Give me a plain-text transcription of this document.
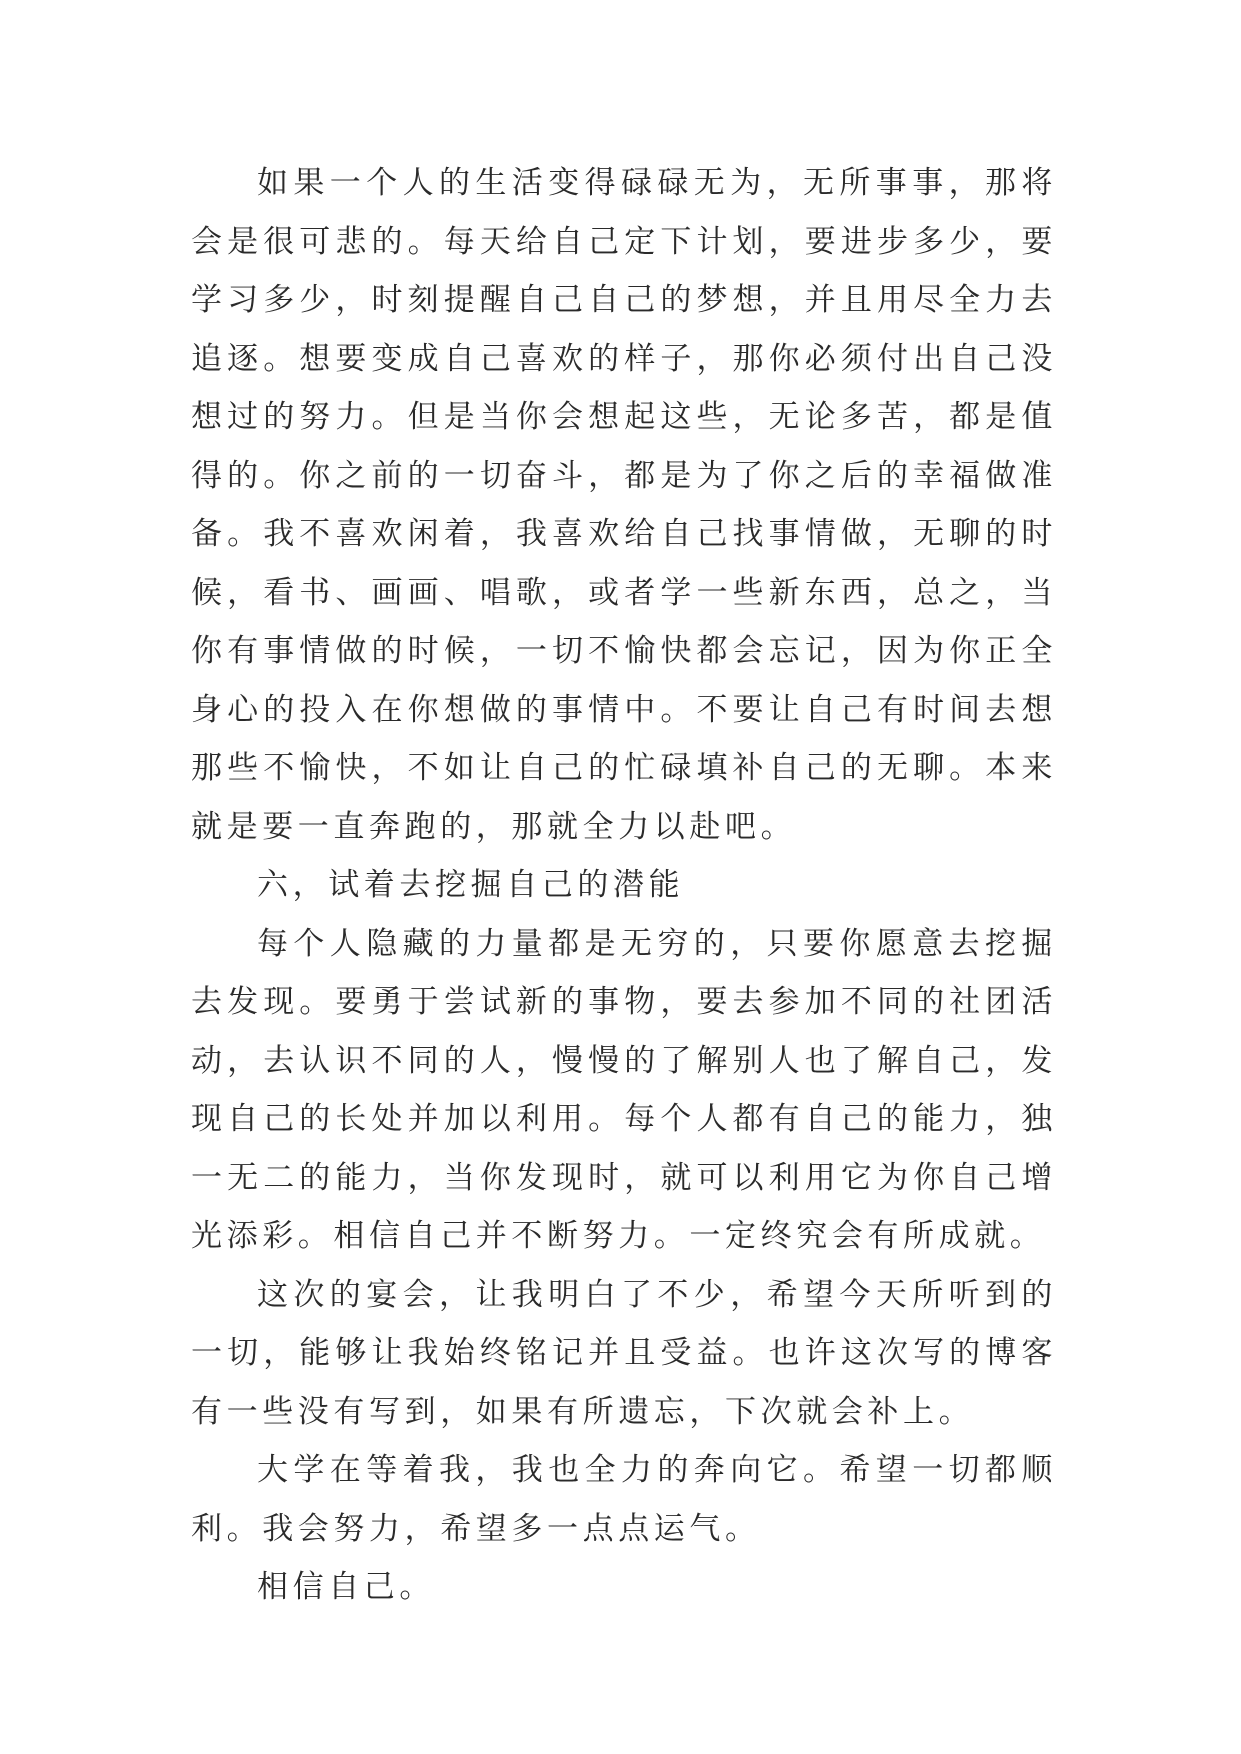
如果一个人的生活变得碌碌无为，无所事事，那将会是很可悲的。每天给自己定下计划，要进步多少，要学习多少，时刻提醒自己自己的梦想，并且用尽全力去追逐。想要变成自己喜欢的样子，那你必须付出自己没想过的努力。但是当你会想起这些，无论多苦，都是值得的。你之前的一切奋斗，都是为了你之后的幸福做准备。我不喜欢闲着，我喜欢给自己找事情做，无聊的时候，看书、画画、唱歌，或者学一些新东西，总之，当你有事情做的时候，一切不愉快都会忘记，因为你正全身心的投入在你想做的事情中。不要让自己有时间去想那些不愉快，不如让自己的忙碌填补自己的无聊。本来就是要一直奔跑的，那就全力以赴吧。

六，试着去挖掘自己的潜能

每个人隐藏的力量都是无穷的，只要你愿意去挖掘去发现。要勇于尝试新的事物，要去参加不同的社团活动，去认识不同的人，慢慢的了解别人也了解自己，发现自己的长处并加以利用。每个人都有自己的能力，独一无二的能力，当你发现时，就可以利用它为你自己增光添彩。相信自己并不断努力。一定终究会有所成就。

这次的宴会，让我明白了不少，希望今天所听到的一切，能够让我始终铭记并且受益。也许这次写的博客有一些没有写到，如果有所遗忘，下次就会补上。

大学在等着我，我也全力的奔向它。希望一切都顺利。我会努力，希望多一点点运气。

相信自己。
